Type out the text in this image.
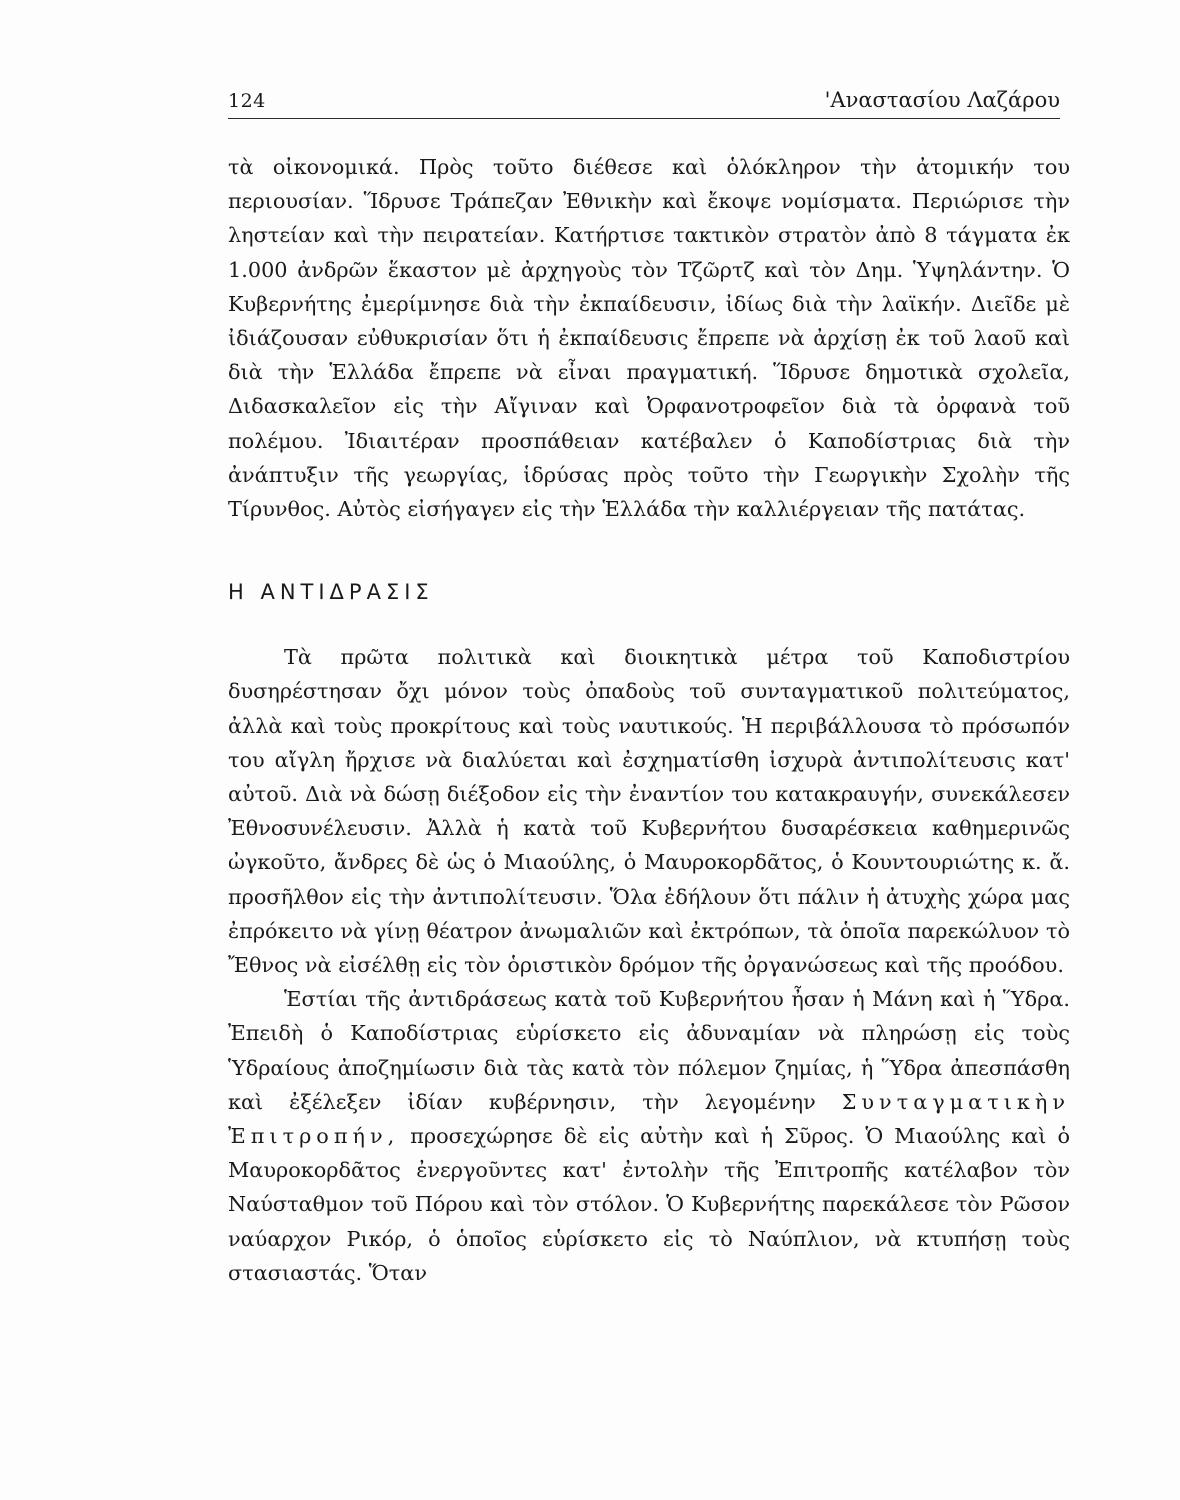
124	'Αναστασίου Λαζάρου

τὰ οἰκονομικά. Πρὸς τοῦτο διέθεσε καὶ ὁλόκληρον τὴν ἀτομικήν του περιουσίαν. Ἵδρυσε Τράπεζαν Ἐθνικὴν καὶ ἔκοψε νομίσματα. Περιώρισε τὴν ληστείαν καὶ τὴν πειρατείαν. Κατήρτισε τακτικὸν στρατὸν ἀπὸ 8 τάγματα ἐκ 1.000 ἀνδρῶν ἕκαστον μὲ ἀρχηγοὺς τὸν Τζῶρτζ καὶ τὸν Δημ. Ὑψηλάντην. Ὁ Κυβερνήτης ἐμερίμνησε διὰ τὴν ἐκπαίδευσιν, ἰδίως διὰ τὴν λαϊκήν. Διεῖδε μὲ ἰδιάζουσαν εὐθυκρισίαν ὅτι ἡ ἐκπαίδευσις ἔπρεπε νὰ ἀρχίσῃ ἐκ τοῦ λαοῦ καὶ διὰ τὴν Ἑλλάδα ἔπρεπε νὰ εἶναι πραγματική. Ἵδρυσε δημοτικὰ σχολεῖα, Διδασκαλεῖον εἰς τὴν Αἴγιναν καὶ Ὀρφανοτροφεῖον διὰ τὰ ὀρφανὰ τοῦ πολέμου. Ἰδιαιτέραν προσπάθειαν κατέβαλεν ὁ Καποδίστριας διὰ τὴν ἀνάπτυξιν τῆς γεωργίας, ἱδρύσας πρὸς τοῦτο τὴν Γεωργικὴν Σχολὴν τῆς Τίρυνθος. Αὐτὸς εἰσήγαγεν εἰς τὴν Ἑλλάδα τὴν καλλιέργειαν τῆς πατάτας.

Η ΑΝΤΙΔΡΑΣΙΣ

Τὰ πρῶτα πολιτικὰ καὶ διοικητικὰ μέτρα τοῦ Καποδιστρίου δυσηρέστησαν ὄχι μόνον τοὺς ὀπαδοὺς τοῦ συνταγματικοῦ πολιτεύματος, ἀλλὰ καὶ τοὺς προκρίτους καὶ τοὺς ναυτικούς. Ἡ περιβάλλουσα τὸ πρόσωπόν του αἴγλη ἤρχισε νὰ διαλύεται καὶ ἐσχηματίσθη ἰσχυρὰ ἀντιπολίτευσις κατ' αὐτοῦ. Διὰ νὰ δώσῃ διέξοδον εἰς τὴν ἐναντίον του κατακραυγήν, συνεκάλεσεν Ἐθνοσυνέλευσιν. Ἀλλὰ ἡ κατὰ τοῦ Κυβερνήτου δυσαρέσκεια καθημερινῶς ὠγκοῦτο, ἄνδρες δὲ ὡς ὁ Μιαούλης, ὁ Μαυροκορδᾶτος, ὁ Κουντουριώτης κ. ἄ. προσῆλθον εἰς τὴν ἀντιπολίτευσιν. Ὅλα ἐδήλουν ὅτι πάλιν ἡ ἀτυχὴς χώρα μας ἐπρόκειτο νὰ γίνῃ θέατρον ἀνωμαλιῶν καὶ ἐκτρόπων, τὰ ὁποῖα παρεκώλυον τὸ Ἔθνος νὰ εἰσέλθῃ εἰς τὸν ὁριστικὸν δρόμον τῆς ὀργανώσεως καὶ τῆς προόδου.

Ἑστίαι τῆς ἀντιδράσεως κατὰ τοῦ Κυβερνήτου ἦσαν ἡ Μάνη καὶ ἡ Ὕδρα. Ἐπειδὴ ὁ Καποδίστριας εὑρίσκετο εἰς ἀδυναμίαν νὰ πληρώσῃ εἰς τοὺς Ὑδραίους ἀποζημίωσιν διὰ τὰς κατὰ τὸν πόλεμον ζημίας, ἡ Ὕδρα ἀπεσπάσθη καὶ ἐξέλεξεν ἰδίαν κυβέρνησιν, τὴν λεγομένην Συνταγματικὴν Ἐπιτροπήν, προσεχώρησε δὲ εἰς αὐτὴν καὶ ἡ Σῦρος. Ὁ Μιαούλης καὶ ὁ Μαυροκορδᾶτος ἐνεργοῦντες κατ' ἐντολὴν τῆς Ἐπιτροπῆς κατέλαβον τὸν Ναύσταθμον τοῦ Πόρου καὶ τὸν στόλον. Ὁ Κυβερνήτης παρεκάλεσε τὸν Ρῶσον ναύαρχον Ρικόρ, ὁ ὁποῖος εὑρίσκετο εἰς τὸ Ναύπλιον, νὰ κτυπήσῃ τοὺς στασιαστάς. Ὅταν
